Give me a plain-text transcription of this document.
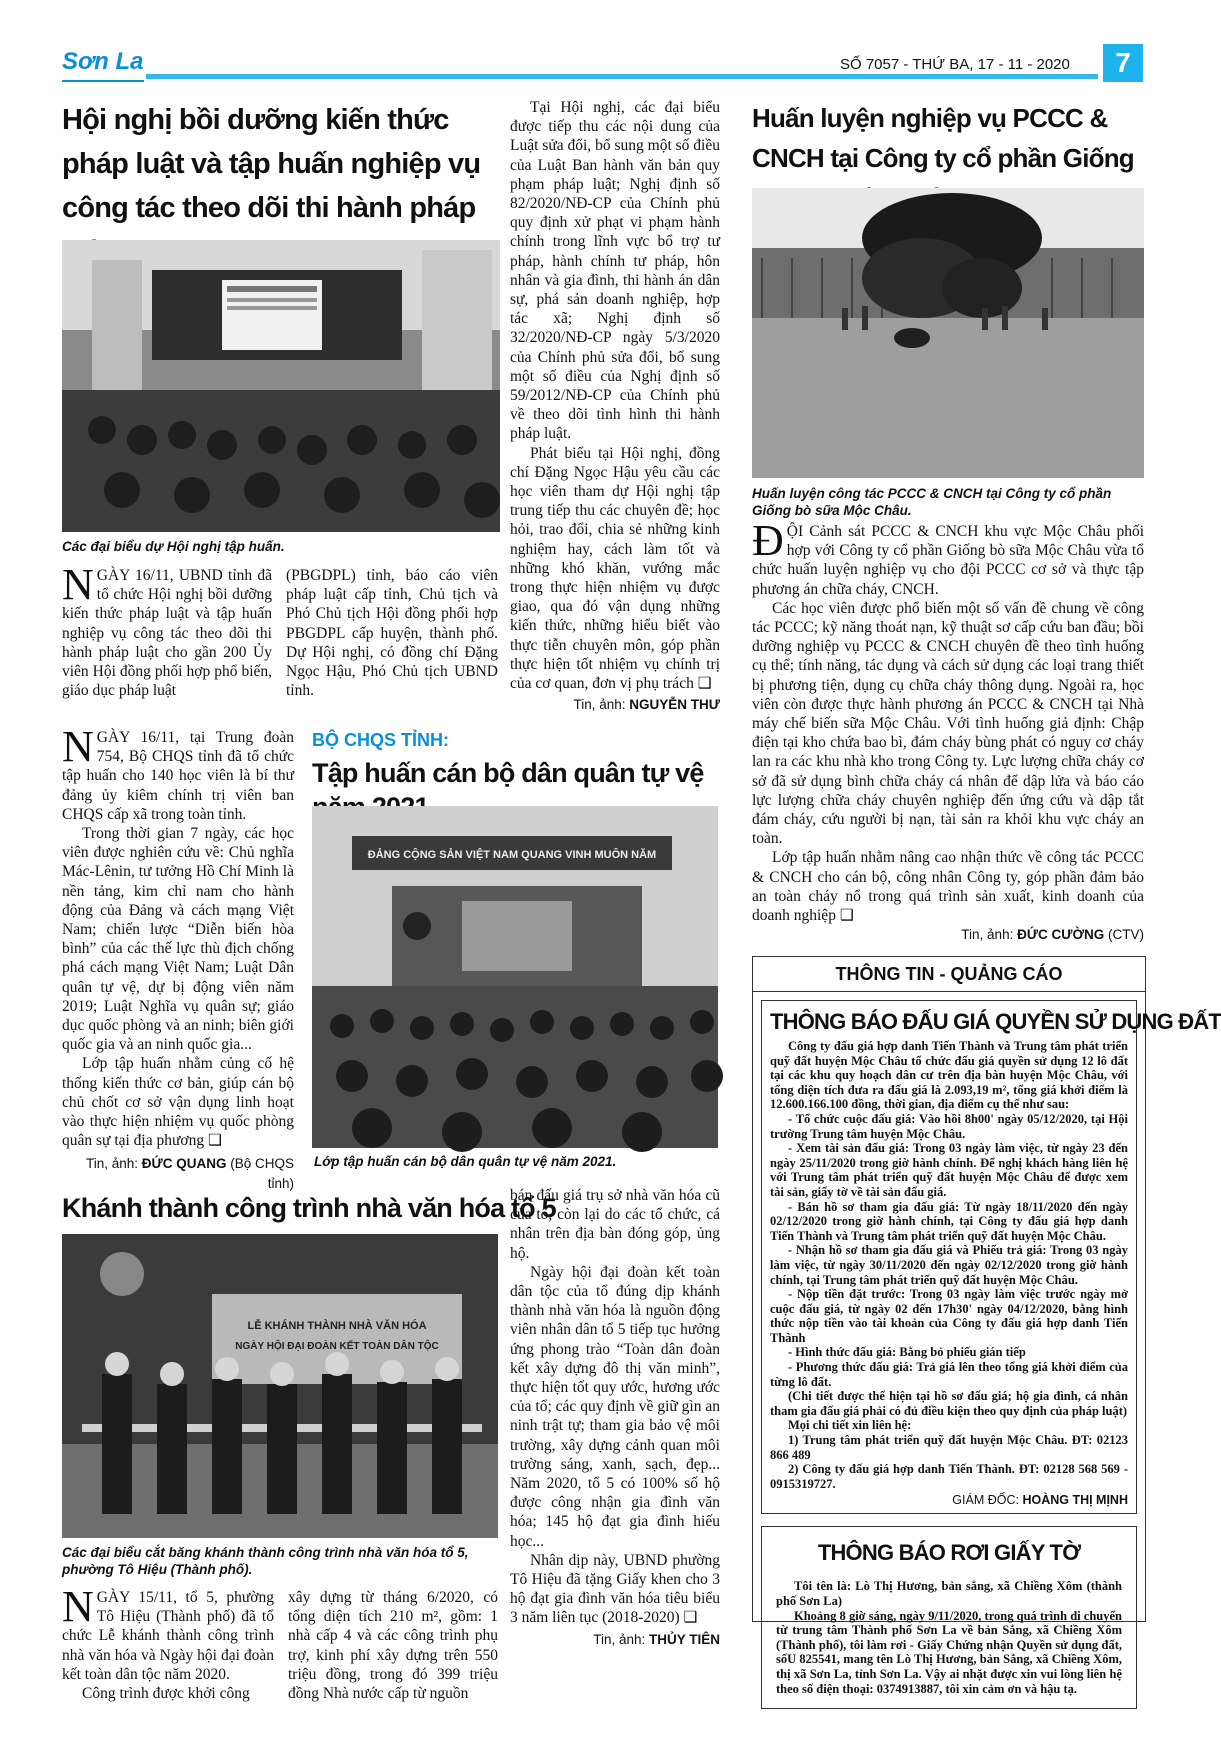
Sơn La	SỐ 7057 - THỨ BA, 17 - 11 - 2020	7
Hội nghị bồi dưỡng kiến thức pháp luật và tập huấn nghiệp vụ công tác theo dõi thi hành pháp
Các đại biểu dự Hội nghị tập huấn.

NGÀY 16/11, UBND tỉnh đã tổ chức Hội nghị bồi dưỡng kiến thức pháp luật và tập huấn nghiệp vụ công tác theo dõi thi hành pháp luật cho gần 200 Ủy viên Hội đồng phối hợp phổ biến, giáo dục pháp luật

(PBGDPL) tỉnh, báo cáo viên pháp luật cấp tỉnh, Chủ tịch và Phó Chủ tịch Hội đồng phối hợp PBGDPL cấp huyện, thành phố. Dự Hội nghị, có đồng chí Đặng Ngọc Hậu, Phó Chủ tịch UBND tỉnh.

Tại Hội nghị, các đại biểu được tiếp thu các nội dung của Luật sửa đổi, bổ sung một số điều của Luật Ban hành văn bản quy phạm pháp luật; Nghị định số 82/2020/NĐ-CP của Chính phủ quy định xử phạt vi phạm hành chính trong lĩnh vực bổ trợ tư pháp, hành chính tư pháp, hôn nhân và gia đình, thi hành án dân sự, phá sản doanh nghiệp, hợp tác xã; Nghị định số 32/2020/NĐ-CP ngày 5/3/2020 của Chính phủ sửa đổi, bổ sung một số điều của Nghị định số 59/2012/NĐ-CP của Chính phủ về theo dõi tình hình thi hành pháp luật.

Phát biểu tại Hội nghị, đồng chí Đặng Ngọc Hậu yêu cầu các học viên tham dự Hội nghị tập trung tiếp thu các chuyên đề; học hỏi, trao đổi, chia sẻ những kinh nghiệm hay, cách làm tốt và những khó khăn, vướng mắc trong thực hiện nhiệm vụ được giao, qua đó vận dụng những kiến thức, những hiểu biết vào thực tiễn chuyên môn, góp phần thực hiện tốt nhiệm vụ chính trị của cơ quan, đơn vị phụ trách ❑

Tin, ảnh: NGUYỄN THƯ

NGÀY 16/11, tại Trung đoàn 754, Bộ CHQS tỉnh đã tổ chức tập huấn cho 140 học viên là bí thư đảng ủy kiêm chính trị viên ban CHQS cấp xã trong toàn tỉnh.

Trong thời gian 7 ngày, các học viên được nghiên cứu về: Chủ nghĩa Mác-Lênin, tư tưởng Hồ Chí Minh là nền tảng, kim chỉ nam cho hành động của Đảng và cách mạng Việt Nam; chiến lược “Diễn biến hòa bình” của các thế lực thù địch chống phá cách mạng Việt Nam; Luật Dân quân tự vệ, dự bị động viên năm 2019; Luật Nghĩa vụ quân sự; giáo dục quốc phòng và an ninh; biên giới quốc gia và an ninh quốc gia...

Lớp tập huấn nhằm củng cố hệ thống kiến thức cơ bản, giúp cán bộ chủ chốt cơ sở vận dụng linh hoạt vào thực hiện nhiệm vụ quốc phòng quân sự tại địa phương ❑

Tin, ảnh: ĐỨC QUANG (Bộ CHQS tỉnh)
BỘ CHQS TỈNH:
Tập huấn cán bộ dân quân tự vệ
ĐẢNG CỘNG SẢN VIỆT NAM QUANG VINH MUÔN NĂM
Lớp tập huấn cán bộ dân quân tự vệ năm 2021.
Huấn luyện nghiệp vụ PCCC & CNCH tại Công ty cổ phần Giống
Huấn luyện công tác PCCC & CNCH tại Công ty cổ phần Giống bò sữa Mộc Châu.

ĐỘI Cảnh sát PCCC & CNCH khu vực Mộc Châu phối hợp với Công ty cổ phần Giống bò sữa Mộc Châu vừa tổ chức huấn luyện nghiệp vụ cho đội PCCC cơ sở và thực tập phương án chữa cháy, CNCH.

Các học viên được phổ biến một số vấn đề chung về công tác PCCC; kỹ năng thoát nạn, kỹ thuật sơ cấp cứu ban đầu; bồi dưỡng nghiệp vụ PCCC & CNCH chuyên đề theo tình huống cụ thể; tính năng, tác dụng và cách sử dụng các loại trang thiết bị phương tiện, dụng cụ chữa cháy thông dụng. Ngoài ra, học viên còn được thực hành phương án PCCC & CNCH tại Nhà máy chế biến sữa Mộc Châu. Với tình huống giả định: Chập điện tại kho chứa bao bì, đám cháy bùng phát có nguy cơ cháy lan ra các khu nhà kho trong Công ty. Lực lượng chữa cháy cơ sở đã sử dụng bình chữa cháy cá nhân để dập lửa và báo cáo lực lượng chữa cháy chuyên nghiệp đến ứng cứu và dập tắt đám cháy, cứu người bị nạn, tài sản ra khỏi khu vực cháy an toàn.

Lớp tập huấn nhằm nâng cao nhận thức về công tác PCCC & CNCH cho cán bộ, công nhân Công ty, góp phần đảm bảo an toàn cháy nổ trong quá trình sản xuất, kinh doanh của doanh nghiệp ❑

Tin, ảnh: ĐỨC CƯỜNG (CTV)
THÔNG TIN - QUẢNG CÁO
THÔNG BÁO ĐẤU GIÁ QUYỀN SỬ DỤNG ĐẤT

Công ty đấu giá hợp danh Tiến Thành và Trung tâm phát triển quỹ đất huyện Mộc Châu tổ chức đấu giá quyền sử dụng 12 lô đất tại các khu quy hoạch dân cư trên địa bàn huyện Mộc Châu, với tổng diện tích đưa ra đấu giá là 2.093,19 m², tổng giá khởi điểm là 12.600.166.100 đồng, thời gian, địa điểm cụ thể như sau:

- Tổ chức cuộc đấu giá: Vào hồi 8h00' ngày 05/12/2020, tại Hội trường Trung tâm huyện Mộc Châu.

- Xem tài sản đấu giá: Trong 03 ngày làm việc, từ ngày 23 đến ngày 25/11/2020 trong giờ hành chính. Để nghị khách hàng liên hệ với Trung tâm phát triển quỹ đất huyện Mộc Châu để được xem tài sản, giấy tờ về tài sản đấu giá.

- Bán hồ sơ tham gia đấu giá: Từ ngày 18/11/2020 đến ngày 02/12/2020 trong giờ hành chính, tại Công ty đấu giá hợp danh Tiến Thành và Trung tâm phát triển quỹ đất huyện Mộc Châu.

- Nhận hồ sơ tham gia đấu giá và Phiếu trả giá: Trong 03 ngày làm việc, từ ngày 30/11/2020 đến ngày 02/12/2020 trong giờ hành chính, tại Trung tâm phát triển quỹ đất huyện Mộc Châu.

- Nộp tiền đặt trước: Trong 03 ngày làm việc trước ngày mở cuộc đấu giá, từ ngày 02 đến 17h30' ngày 04/12/2020, bằng hình thức nộp tiền vào tài khoản của Công ty đấu giá hợp danh Tiến Thành

- Hình thức đấu giá: Bằng bỏ phiếu gián tiếp

- Phương thức đấu giá: Trả giá lên theo tổng giá khởi điểm của từng lô đất.

(Chi tiết được thể hiện tại hồ sơ đấu giá; hộ gia đình, cá nhân tham gia đấu giá phải có đủ điều kiện theo quy định của pháp luật)

Mọi chi tiết xin liên hệ:

1) Trung tâm phát triển quỹ đất huyện Mộc Châu. ĐT: 02123 866 489

2) Công ty đấu giá hợp danh Tiến Thành. ĐT: 02128 568 569 - 0915319727.

GIÁM ĐỐC: HOÀNG THỊ MỊNH
THÔNG BÁO RƠI GIẤY TỜ

Tôi tên là: Lò Thị Hương, bản sẳng, xã Chiềng Xôm (thành phố Sơn La)

Khoảng 8 giờ sáng, ngày 9/11/2020, trong quá trình di chuyển từ trung tâm Thành phố Sơn La về bản Sẳng, xã Chiềng Xôm (Thành phố), tôi làm rơi - Giấy Chứng nhận Quyền sử dụng đất, sốU 825541, mang tên Lò Thị Hương, bản Sẳng, xã Chiềng Xôm, thị xã Sơn La, tỉnh Sơn La. Vậy ai nhặt được xin vui lòng liên hệ theo số điện thoại: 0374913887, tôi xin cảm ơn và hậu tạ.

Khánh thành công trình nhà văn hóa tổ 5
LỄ KHÁNH THÀNH NHÀ VĂN HÓA
NGÀY HỘI ĐẠI ĐOÀN KẾT TOÀN DÂN TỘC
Các đại biểu cắt băng khánh thành công trình nhà văn hóa tổ 5, phường Tô Hiệu (Thành phố).

NGÀY 15/11, tổ 5, phường Tô Hiệu (Thành phố) đã tổ chức Lễ khánh thành công trình nhà văn hóa và Ngày hội đại đoàn kết toàn dân tộc năm 2020.

Công trình được khởi công

xây dựng từ tháng 6/2020, có tổng diện tích 210 m², gồm: 1 nhà cấp 4 và các công trình phụ trợ, kinh phí xây dựng trên 550 triệu đồng, trong đó 399 triệu đồng Nhà nước cấp từ nguồn

bán đấu giá trụ sở nhà văn hóa cũ của tổ, còn lại do các tổ chức, cá nhân trên địa bàn đóng góp, ủng hộ.

Ngày hội đại đoàn kết toàn dân tộc của tổ đúng dịp khánh thành nhà văn hóa là nguồn động viên nhân dân tổ 5 tiếp tục hưởng ứng phong trào “Toàn dân đoàn kết xây dựng đô thị văn minh”, thực hiện tốt quy ước, hương ước của tổ; các quy định về giữ gìn an ninh trật tự; tham gia bảo vệ môi trường, xây dựng cảnh quan môi trường sáng, xanh, sạch, đẹp... Năm 2020, tổ 5 có 100% số hộ được công nhận gia đình văn hóa; 145 hộ đạt gia đình hiếu học...

Nhân dịp này, UBND phường Tô Hiệu đã tặng Giấy khen cho 3 hộ đạt gia đình văn hóa tiêu biểu 3 năm liên tục (2018-2020) ❑

Tin, ảnh: THỦY TIÊN
